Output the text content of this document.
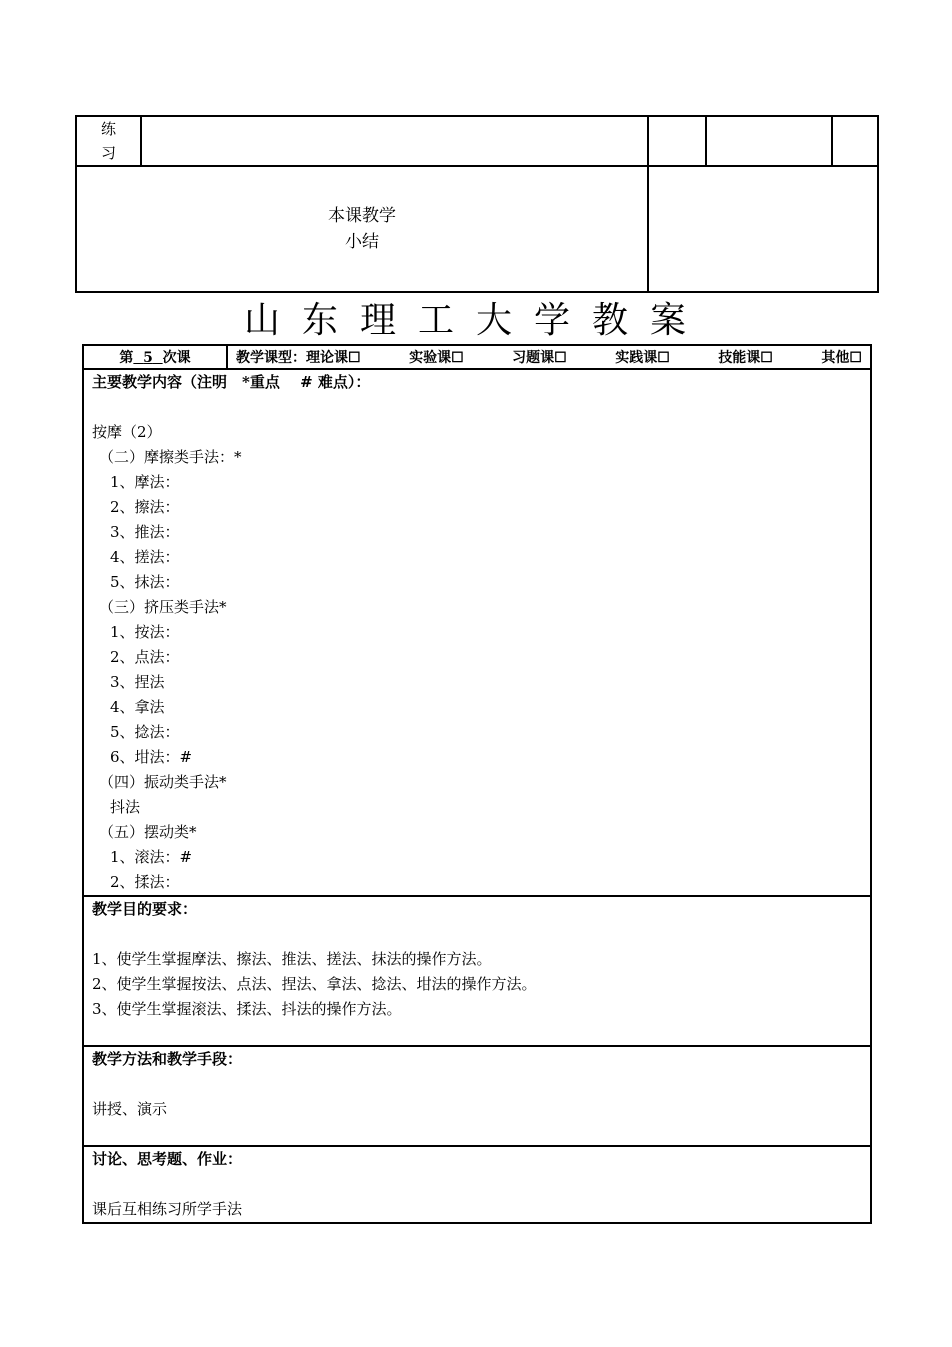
练
习				

本课教学
小结				

山东理工大学教案
第 5 次课	教学课型：理论课☐	实验课☐	习题课☐	实践课☐	技能课☐	其他☐

主要教学内容（注明　*重点　 # 难点）：
按摩（2）
（二）摩擦类手法：*
1、摩法：
2、擦法：
3、推法：
4、搓法：
5、抹法：
（三）挤压类手法*
1、按法：
2、点法：
3、捏法
4、拿法
5、捻法：
6、坩法：#
（四）振动类手法*
抖法
（五）摆动类*
1、滚法：#
2、揉法：

教学目的要求：
1、使学生掌握摩法、擦法、推法、搓法、抹法的操作方法。
2、使学生掌握按法、点法、捏法、拿法、捻法、坩法的操作方法。
3、使学生掌握滚法、揉法、抖法的操作方法。

教学方法和教学手段：
讲授、演示

讨论、思考题、作业：
课后互相练习所学手法
